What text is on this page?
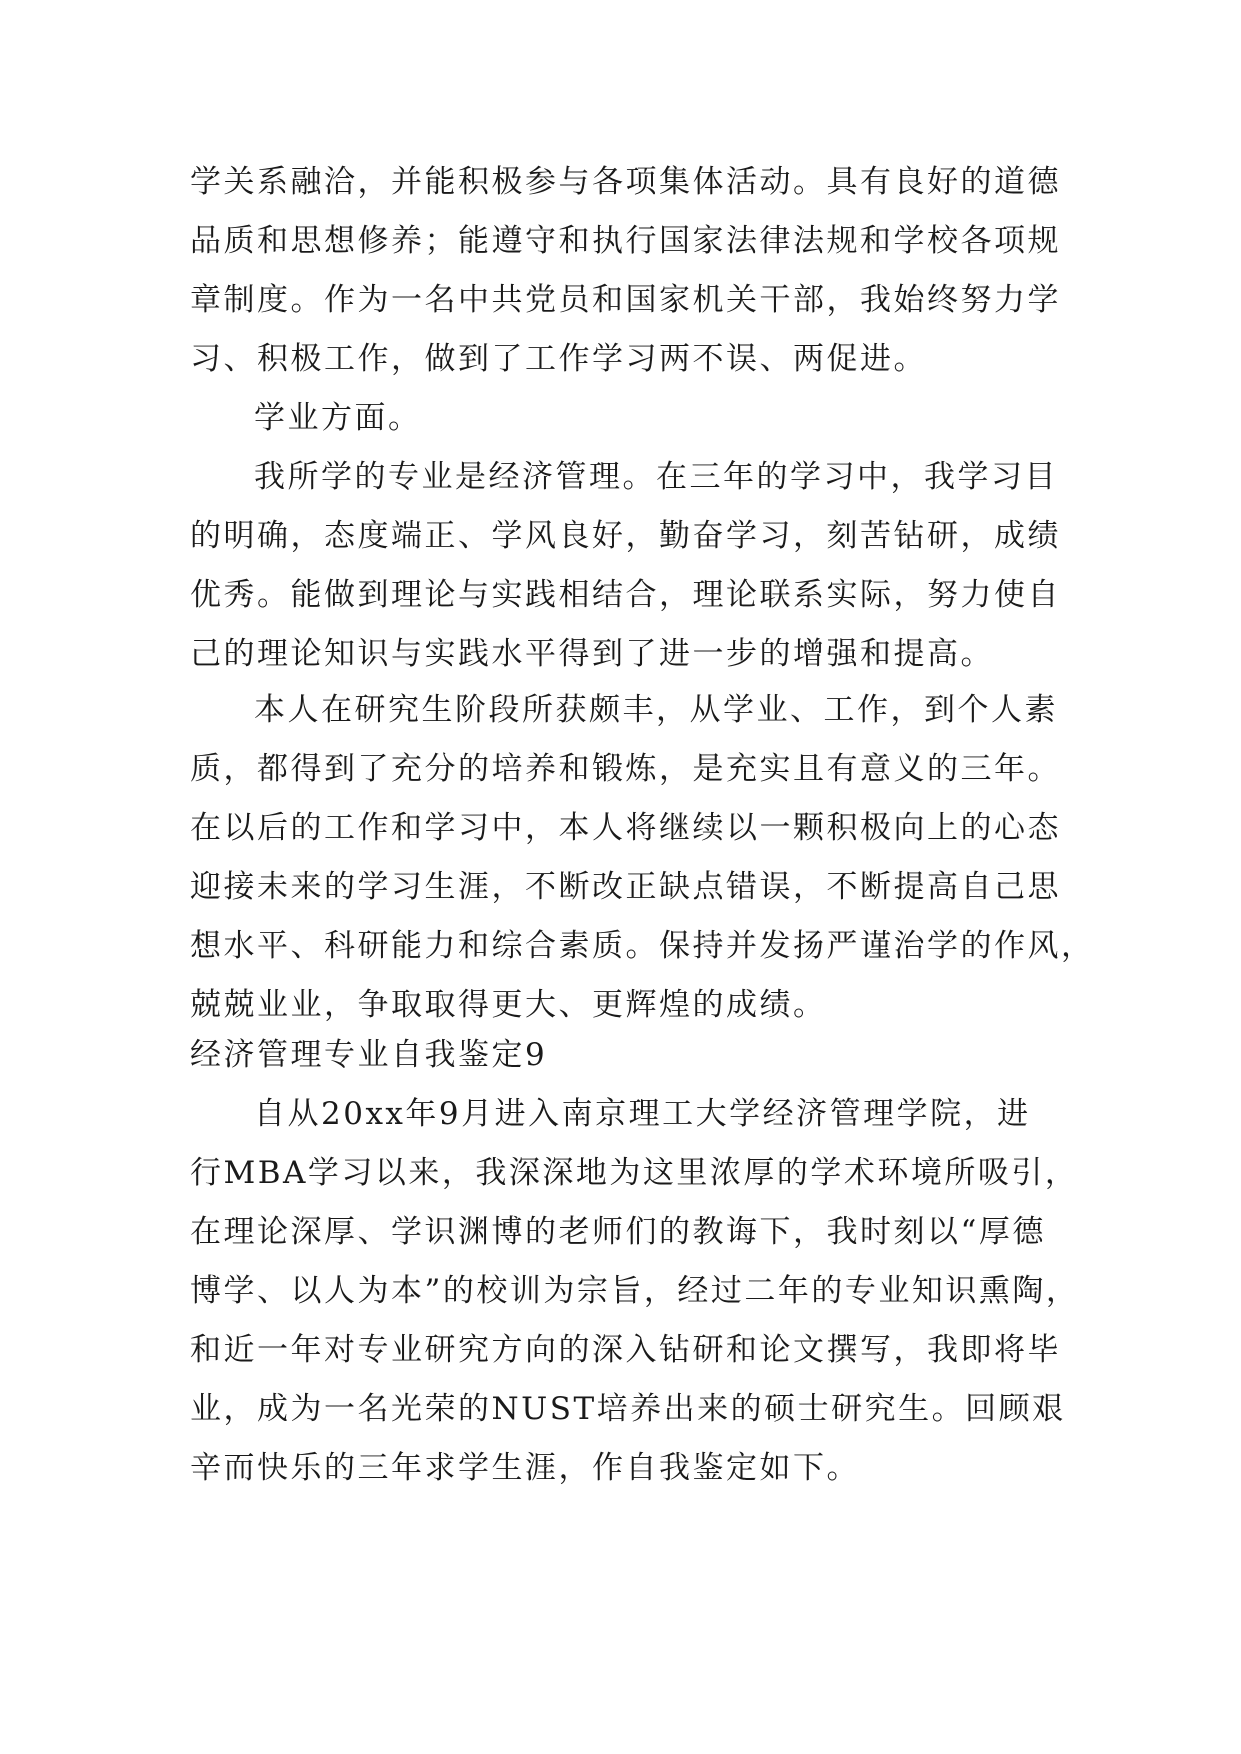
学关系融洽，并能积极参与各项集体活动。具有良好的道德
品质和思想修养；能遵守和执行国家法律法规和学校各项规
章制度。作为一名中共党员和国家机关干部，我始终努力学
习、积极工作，做到了工作学习两不误、两促进。
学业方面。
我所学的专业是经济管理。在三年的学习中，我学习目
的明确，态度端正、学风良好，勤奋学习，刻苦钻研，成绩
优秀。能做到理论与实践相结合，理论联系实际，努力使自
己的理论知识与实践水平得到了进一步的增强和提高。
本人在研究生阶段所获颇丰，从学业、工作，到个人素
质，都得到了充分的培养和锻炼，是充实且有意义的三年。
在以后的工作和学习中，本人将继续以一颗积极向上的心态
迎接未来的学习生涯，不断改正缺点错误，不断提高自己思
想水平、科研能力和综合素质。保持并发扬严谨治学的作风，
兢兢业业，争取取得更大、更辉煌的成绩。
经济管理专业自我鉴定9
自从20xx年9月进入南京理工大学经济管理学院，进
行MBA学习以来，我深深地为这里浓厚的学术环境所吸引，
在理论深厚、学识渊博的老师们的教诲下，我时刻以“厚德
博学、以人为本”的校训为宗旨，经过二年的专业知识熏陶，
和近一年对专业研究方向的深入钻研和论文撰写，我即将毕
业，成为一名光荣的NUST培养出来的硕士研究生。回顾艰
辛而快乐的三年求学生涯，作自我鉴定如下。
